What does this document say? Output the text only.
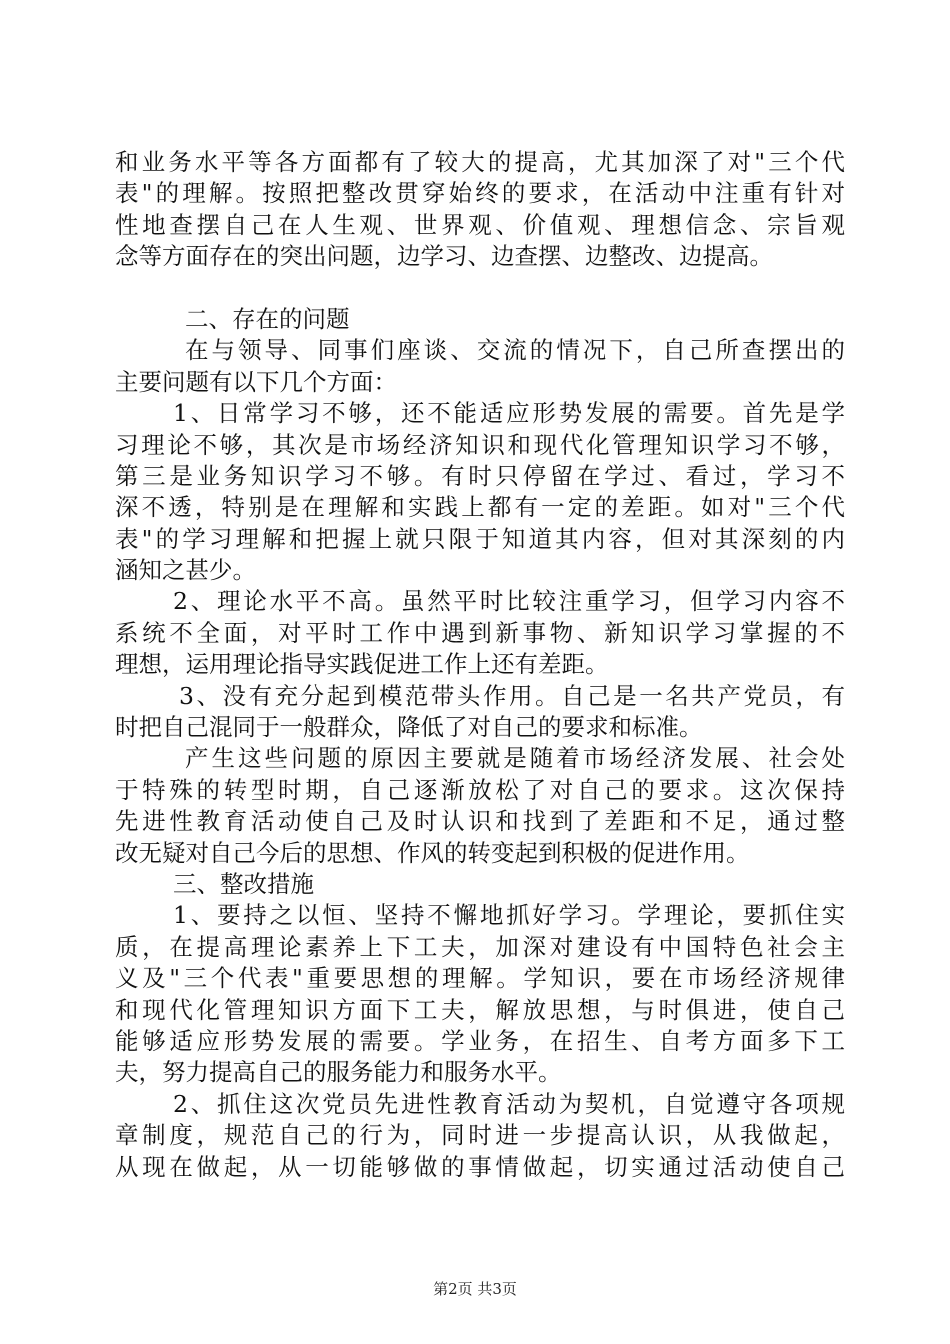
和业务水平等各方面都有了较大的提高，尤其加深了对"三个代
表"的理解。按照把整改贯穿始终的要求，在活动中注重有针对
性地查摆自己在人生观、世界观、价值观、理想信念、宗旨观
念等方面存在的突出问题，边学习、边查摆、边整改、边提高。
二、存在的问题
在与领导、同事们座谈、交流的情况下，自己所查摆出的
主要问题有以下几个方面：
1、日常学习不够，还不能适应形势发展的需要。首先是学
习理论不够，其次是市场经济知识和现代化管理知识学习不够，
第三是业务知识学习不够。有时只停留在学过、看过，学习不
深不透，特别是在理解和实践上都有一定的差距。如对"三个代
表"的学习理解和把握上就只限于知道其内容，但对其深刻的内
涵知之甚少。
2、理论水平不高。虽然平时比较注重学习，但学习内容不
系统不全面，对平时工作中遇到新事物、新知识学习掌握的不
理想，运用理论指导实践促进工作上还有差距。
3、没有充分起到模范带头作用。自己是一名共产党员，有
时把自己混同于一般群众，降低了对自己的要求和标准。
产生这些问题的原因主要就是随着市场经济发展、社会处
于特殊的转型时期，自己逐渐放松了对自己的要求。这次保持
先进性教育活动使自己及时认识和找到了差距和不足，通过整
改无疑对自己今后的思想、作风的转变起到积极的促进作用。
三、整改措施
1、要持之以恒、坚持不懈地抓好学习。学理论，要抓住实
质，在提高理论素养上下工夫，加深对建设有中国特色社会主
义及"三个代表"重要思想的理解。学知识，要在市场经济规律
和现代化管理知识方面下工夫，解放思想，与时俱进，使自己
能够适应形势发展的需要。学业务，在招生、自考方面多下工
夫，努力提高自己的服务能力和服务水平。
2、抓住这次党员先进性教育活动为契机，自觉遵守各项规
章制度，规范自己的行为，同时进一步提高认识，从我做起，
从现在做起，从一切能够做的事情做起，切实通过活动使自己
第2页 共3页
